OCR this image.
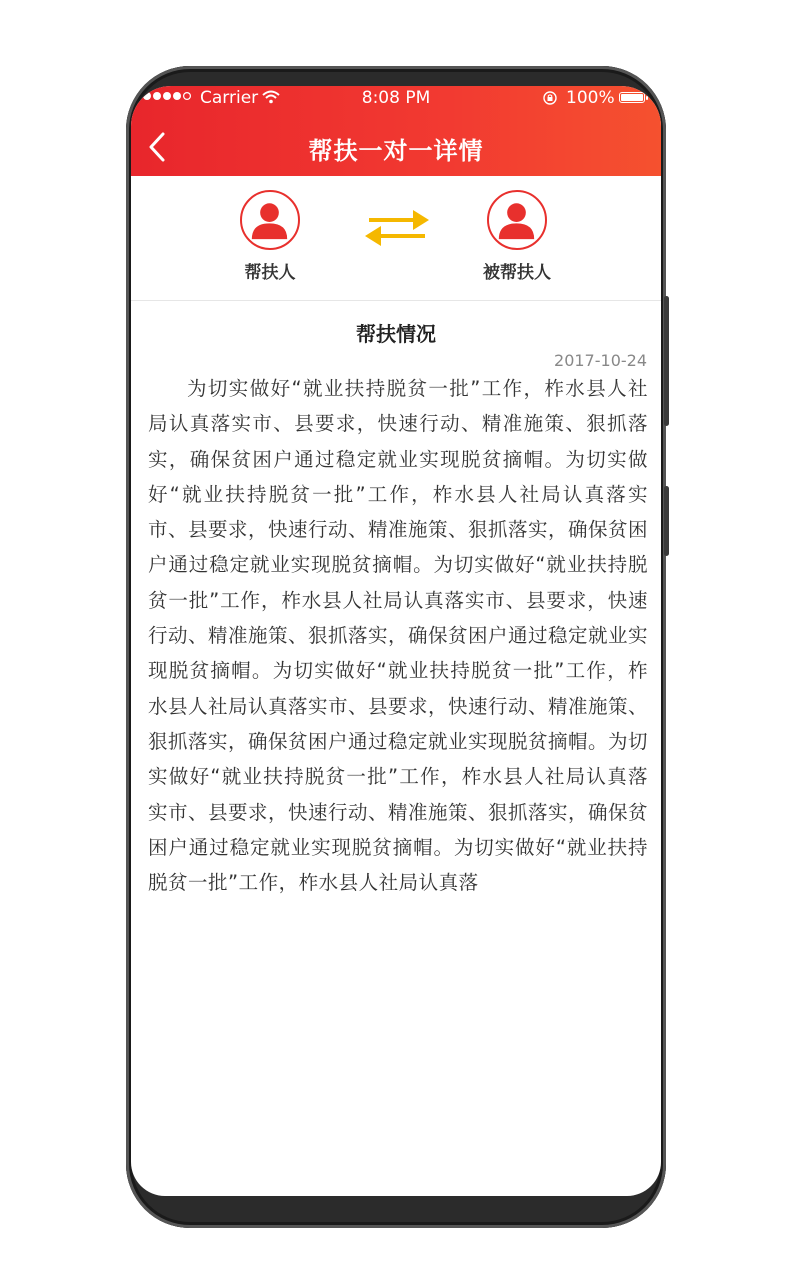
Carrier	8:08 PM	100%
帮扶一对一详情
帮扶人	被帮扶人
帮扶情况
2017-10-24

为切实做好“就业扶持脱贫一批”工作，柞水县人社局认真落实市、县要求，快速行动、精准施策、狠抓落实，确保贫困户通过稳定就业实现脱贫摘帽。为切实做好“就业扶持脱贫一批”工作，柞水县人社局认真落实市、县要求，快速行动、精准施策、狠抓落实，确保贫困户通过稳定就业实现脱贫摘帽。为切实做好“就业扶持脱贫一批”工作，柞水县人社局认真落实市、县要求，快速行动、精准施策、狠抓落实，确保贫困户通过稳定就业实现脱贫摘帽。为切实做好“就业扶持脱贫一批”工作，柞水县人社局认真落实市、县要求，快速行动、精准施策、狠抓落实，确保贫困户通过稳定就业实现脱贫摘帽。为切实做好“就业扶持脱贫一批”工作，柞水县人社局认真落实市、县要求，快速行动、精准施策、狠抓落实，确保贫困户通过稳定就业实现脱贫摘帽。为切实做好“就业扶持脱贫一批”工作，柞水县人社局认真落
